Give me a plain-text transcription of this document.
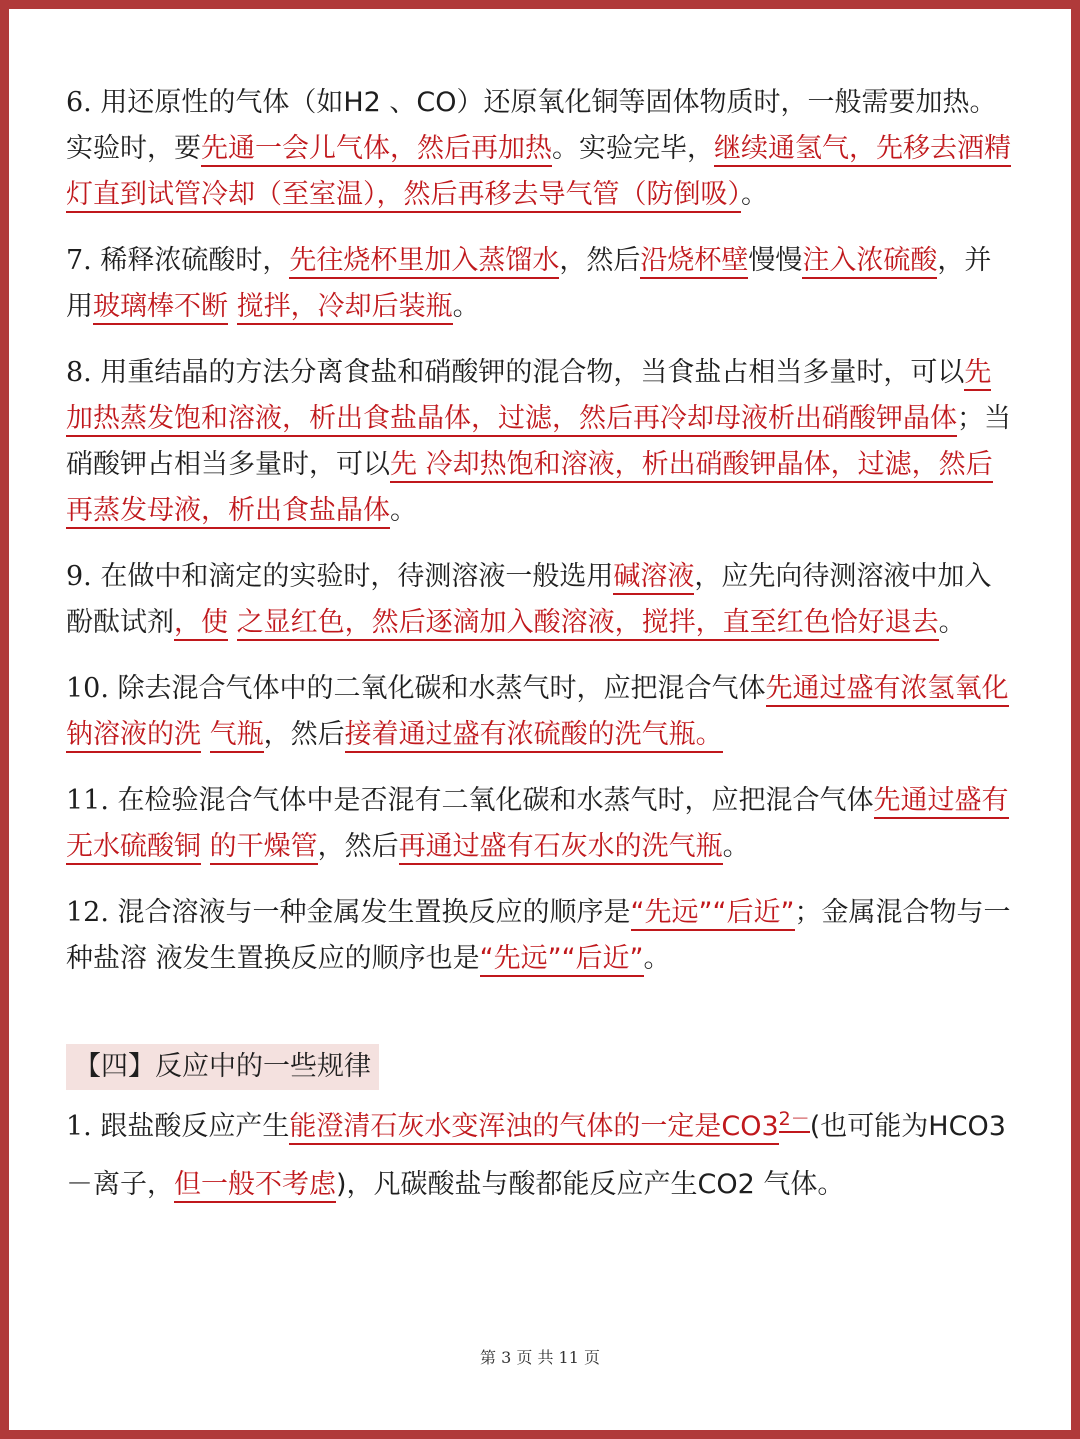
6. 用还原性的气体（如H2 、CO）还原氧化铜等固体物质时，一般需要加热。实验时，要先通一会儿气体，然后再加热。实验完毕，继续通氢气，先移去酒精灯直到试管冷却（至室温），然后再移去导气管（防倒吸）。
7. 稀释浓硫酸时，先往烧杯里加入蒸馏水，然后沿烧杯壁慢慢注入浓硫酸，并用玻璃棒不断 搅拌，冷却后装瓶。
8. 用重结晶的方法分离食盐和硝酸钾的混合物，当食盐占相当多量时，可以先加热蒸发饱和溶液，析出食盐晶体，过滤，然后再冷却母液析出硝酸钾晶体；当硝酸钾占相当多量时，可以先 冷却热饱和溶液，析出硝酸钾晶体，过滤，然后再蒸发母液，析出食盐晶体。
9. 在做中和滴定的实验时，待测溶液一般选用碱溶液，应先向待测溶液中加入酚酞试剂，使 之显红色，然后逐滴加入酸溶液，搅拌，直至红色恰好退去。
10. 除去混合气体中的二氧化碳和水蒸气时，应把混合气体先通过盛有浓氢氧化钠溶液的洗 气瓶，然后接着通过盛有浓硫酸的洗气瓶。
11. 在检验混合气体中是否混有二氧化碳和水蒸气时，应把混合气体先通过盛有无水硫酸铜 的干燥管，然后再通过盛有石灰水的洗气瓶。
12. 混合溶液与一种金属发生置换反应的顺序是“先远”“后近”；金属混合物与一种盐溶 液发生置换反应的顺序也是“先远”“后近”。
【四】反应中的一些规律
1. 跟盐酸反应产生能澄清石灰水变浑浊的气体的一定是$CO3^{2-}$(也可能为HCO3－离子，但一般不考虑)，凡碳酸盐与酸都能反应产生CO2 气体。
第 3 页 共 11 页
